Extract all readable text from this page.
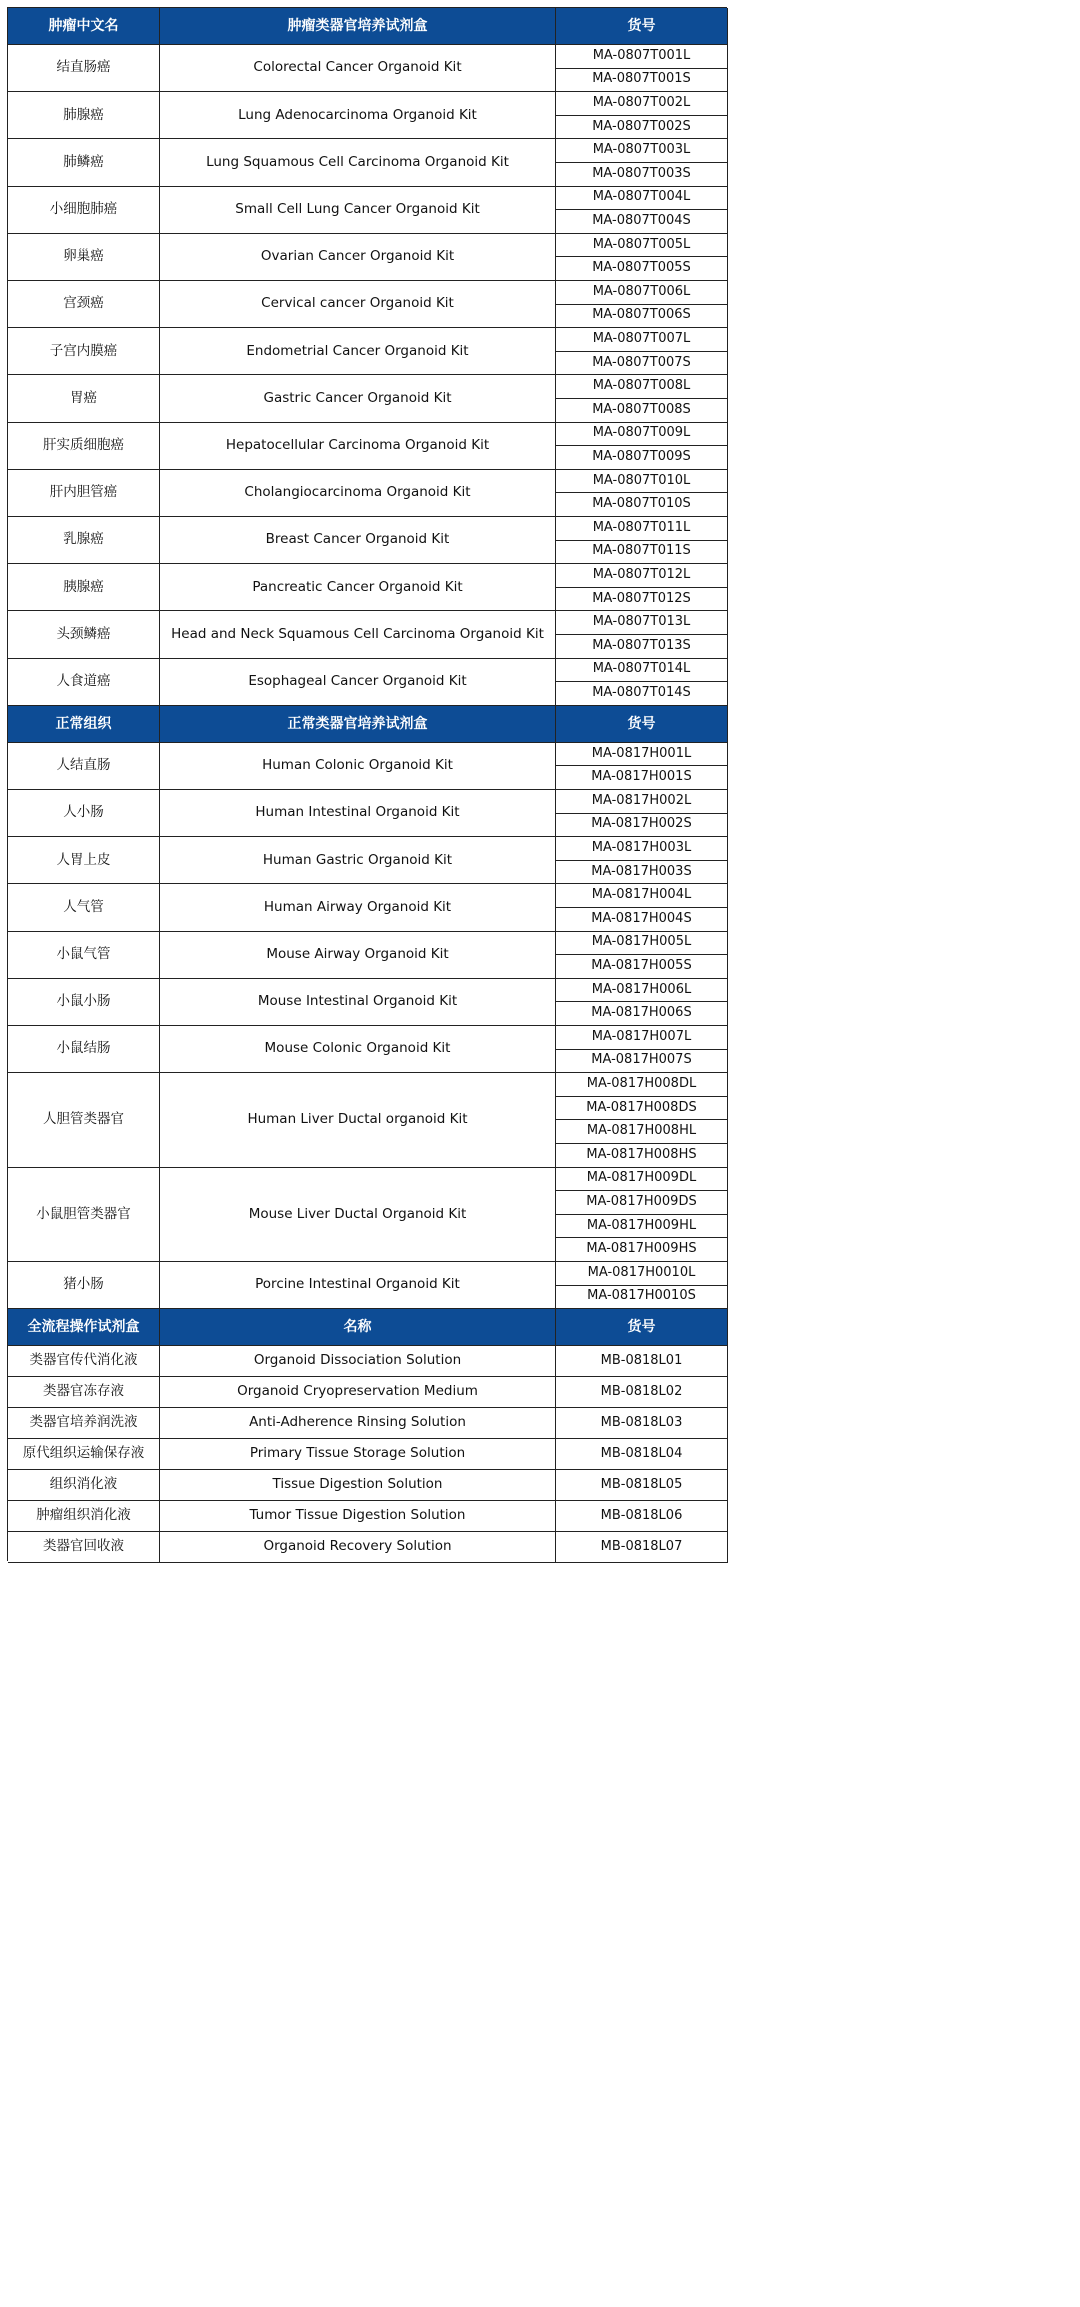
肿瘤中文名	肿瘤类器官培养试剂盒	货号
结直肠癌	Colorectal Cancer Organoid Kit
MA-0807T001L
MA-0807T001S
肺腺癌	Lung Adenocarcinoma Organoid Kit
MA-0807T002L
MA-0807T002S
肺鳞癌	Lung Squamous Cell Carcinoma Organoid Kit
MA-0807T003L
MA-0807T003S
小细胞肺癌	Small Cell Lung Cancer Organoid Kit
MA-0807T004L
MA-0807T004S
卵巢癌	Ovarian Cancer Organoid Kit
MA-0807T005L
MA-0807T005S
宫颈癌	Cervical cancer Organoid Kit
MA-0807T006L
MA-0807T006S
子宫内膜癌	Endometrial Cancer Organoid Kit
MA-0807T007L
MA-0807T007S
胃癌	Gastric Cancer Organoid Kit
MA-0807T008L
MA-0807T008S
肝实质细胞癌	Hepatocellular Carcinoma Organoid Kit
MA-0807T009L
MA-0807T009S
肝内胆管癌	Cholangiocarcinoma Organoid Kit
MA-0807T010L
MA-0807T010S
乳腺癌	Breast Cancer Organoid Kit
MA-0807T011L
MA-0807T011S
胰腺癌	Pancreatic Cancer Organoid Kit
MA-0807T012L
MA-0807T012S
头颈鳞癌	Head and Neck Squamous Cell Carcinoma Organoid Kit
MA-0807T013L
MA-0807T013S
人食道癌	Esophageal Cancer Organoid Kit
MA-0807T014L
MA-0807T014S
正常组织	正常类器官培养试剂盒	货号
人结直肠	Human Colonic Organoid Kit
MA-0817H001L
MA-0817H001S
人小肠	Human Intestinal Organoid Kit
MA-0817H002L
MA-0817H002S
人胃上皮	Human Gastric Organoid Kit
MA-0817H003L
MA-0817H003S
人气管	Human Airway Organoid Kit
MA-0817H004L
MA-0817H004S
小鼠气管	Mouse Airway Organoid Kit
MA-0817H005L
MA-0817H005S
小鼠小肠	Mouse Intestinal Organoid Kit
MA-0817H006L
MA-0817H006S
小鼠结肠	Mouse Colonic Organoid Kit
MA-0817H007L
MA-0817H007S
人胆管类器官	Human Liver Ductal organoid Kit
MA-0817H008DL
MA-0817H008DS
MA-0817H008HL
MA-0817H008HS
小鼠胆管类器官	Mouse Liver Ductal Organoid Kit
MA-0817H009DL
MA-0817H009DS
MA-0817H009HL
MA-0817H009HS
猪小肠	Porcine Intestinal Organoid Kit
MA-0817H0010L
MA-0817H0010S
全流程操作试剂盒	名称	货号
类器官传代消化液	Organoid Dissociation Solution	MB-0818L01
类器官冻存液	Organoid Cryopreservation Medium	MB-0818L02
类器官培养润洗液	Anti-Adherence Rinsing Solution	MB-0818L03
原代组织运输保存液	Primary Tissue Storage Solution	MB-0818L04
组织消化液	Tissue Digestion Solution	MB-0818L05
肿瘤组织消化液	Tumor Tissue Digestion Solution	MB-0818L06
类器官回收液	Organoid Recovery Solution	MB-0818L07
